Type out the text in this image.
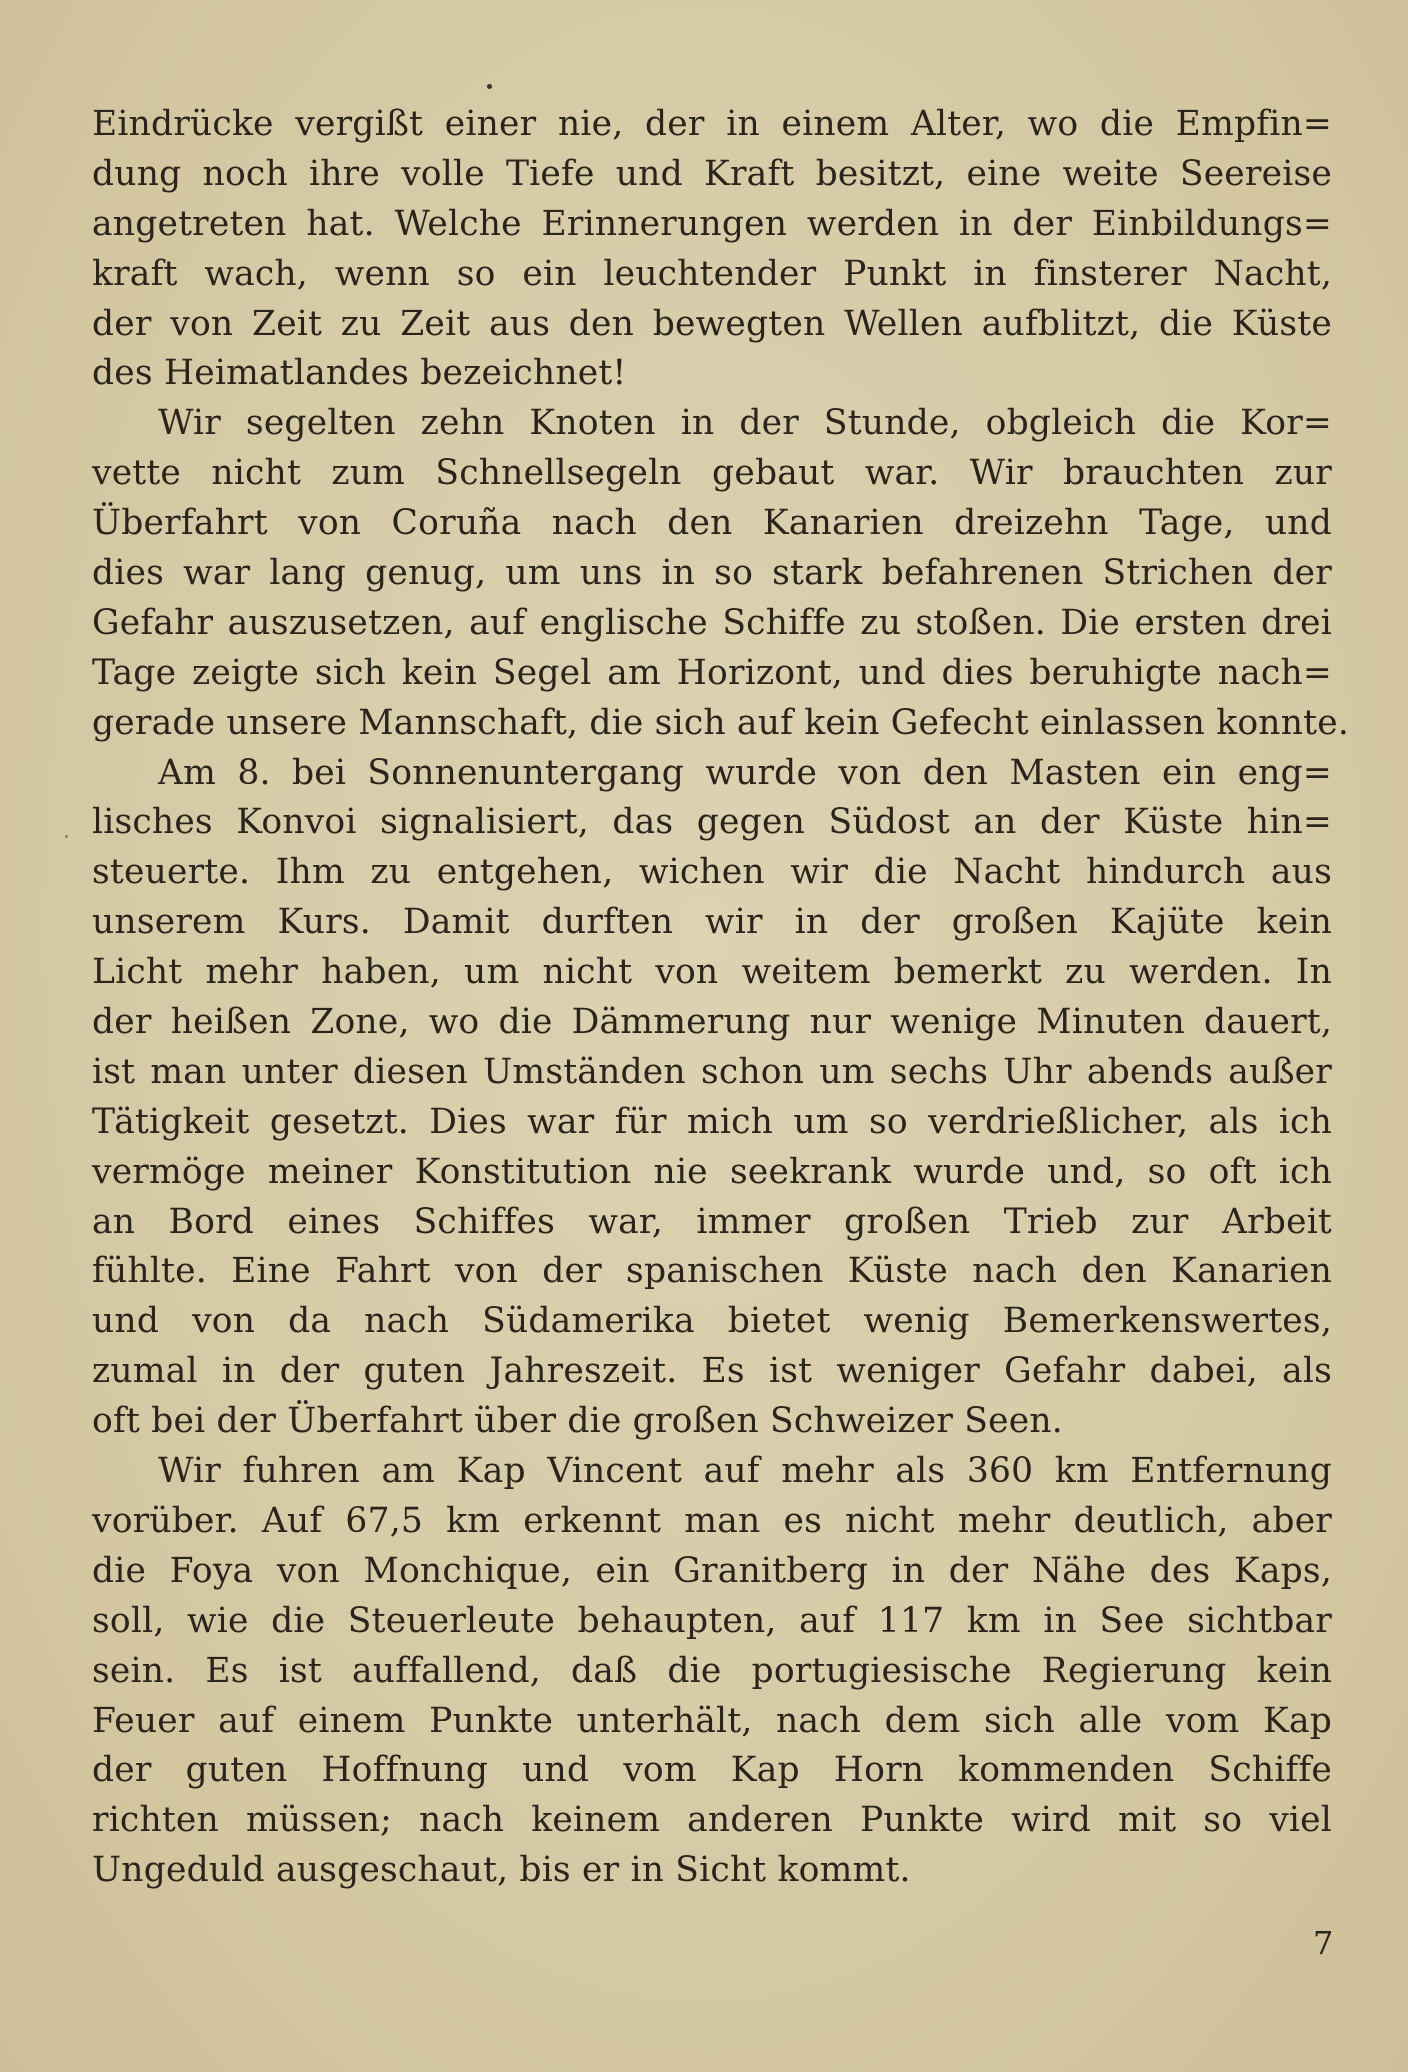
Eindrücke vergißt einer nie, der in einem Alter, wo die Empfin=
dung noch ihre volle Tiefe und Kraft besitzt, eine weite Seereise
angetreten hat. Welche Erinnerungen werden in der Einbildungs=
kraft wach, wenn so ein leuchtender Punkt in finsterer Nacht,
der von Zeit zu Zeit aus den bewegten Wellen aufblitzt, die Küste
des Heimatlandes bezeichnet!

Wir segelten zehn Knoten in der Stunde, obgleich die Kor=
vette nicht zum Schnellsegeln gebaut war. Wir brauchten zur
Überfahrt von Coruña nach den Kanarien dreizehn Tage, und
dies war lang genug, um uns in so stark befahrenen Strichen der
Gefahr auszusetzen, auf englische Schiffe zu stoßen. Die ersten drei
Tage zeigte sich kein Segel am Horizont, und dies beruhigte nach=
gerade unsere Mannschaft, die sich auf kein Gefecht einlassen konnte.

Am 8. bei Sonnenuntergang wurde von den Masten ein eng=
lisches Konvoi signalisiert, das gegen Südost an der Küste hin=
steuerte. Ihm zu entgehen, wichen wir die Nacht hindurch aus
unserem Kurs. Damit durften wir in der großen Kajüte kein
Licht mehr haben, um nicht von weitem bemerkt zu werden. In
der heißen Zone, wo die Dämmerung nur wenige Minuten dauert,
ist man unter diesen Umständen schon um sechs Uhr abends außer
Tätigkeit gesetzt. Dies war für mich um so verdrießlicher, als ich
vermöge meiner Konstitution nie seekrank wurde und, so oft ich
an Bord eines Schiffes war, immer großen Trieb zur Arbeit
fühlte. Eine Fahrt von der spanischen Küste nach den Kanarien
und von da nach Südamerika bietet wenig Bemerkenswertes,
zumal in der guten Jahreszeit. Es ist weniger Gefahr dabei, als
oft bei der Überfahrt über die großen Schweizer Seen.

Wir fuhren am Kap Vincent auf mehr als 360 km Entfernung
vorüber. Auf 67,5 km erkennt man es nicht mehr deutlich, aber
die Foya von Monchique, ein Granitberg in der Nähe des Kaps,
soll, wie die Steuerleute behaupten, auf 117 km in See sichtbar
sein. Es ist auffallend, daß die portugiesische Regierung kein
Feuer auf einem Punkte unterhält, nach dem sich alle vom Kap
der guten Hoffnung und vom Kap Horn kommenden Schiffe
richten müssen; nach keinem anderen Punkte wird mit so viel
Ungeduld ausgeschaut, bis er in Sicht kommt.

7
